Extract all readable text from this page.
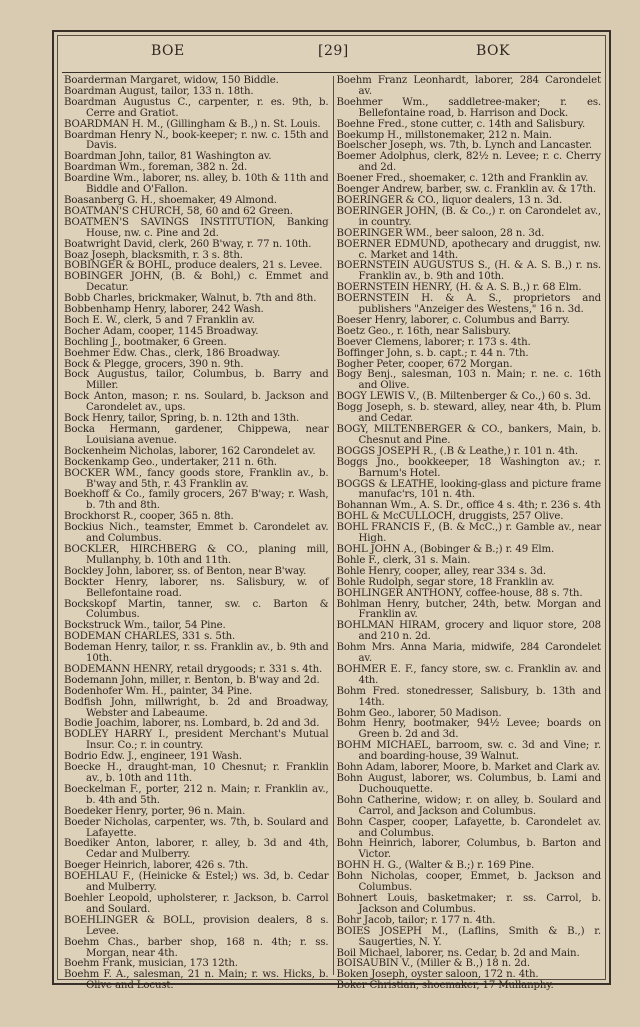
BOE	[29]	BOK
Boarderman Margaret, widow, 150 Biddle.
Boardman August, tailor, 133 n. 18th.
Boardman Augustus C., carpenter, r. es. 9th, b. Cerre and Gratiot.
BOARDMAN H. M., (Gillingham & B.,) n. St. Louis.
Boardman Henry N., book-keeper; r. nw. c. 15th and Davis.
Boardman John, tailor, 81 Washington av.
Boardman Wm., foreman, 382 n. 2d.
Boardine Wm., laborer, ns. alley, b. 10th & 11th and Biddle and O'Fallon.
Boasanberg G. H., shoemaker, 49 Almond.
BOATMAN'S CHURCH, 58, 60 and 62 Green.
BOATMEN'S SAVINGS INSTITUTION, Banking House, nw. c. Pine and 2d.
Boatwright David, clerk, 260 B'way, r. 77 n. 10th.
Boaz Joseph, blacksmith, r. 3 s. 8th.
BOBINGER & BOHL, produce dealers, 21 s. Levee.
BOBINGER JOHN, (B. & Bohl,) c. Emmet and Decatur.
Bobb Charles, brickmaker, Walnut, b. 7th and 8th.
Bobbenhamp Henry, laborer, 242 Wash.
Boch E. W., clerk, 5 and 7 Franklin av.
Bocher Adam, cooper, 1145 Broadway.
Bochling J., bootmaker, 6 Green.
Boehmer Edw. Chas., clerk, 186 Broadway.
Bock & Plegge, grocers, 390 n. 9th.
Bock Augustus, tailor, Columbus, b. Barry and Miller.
Bock Anton, mason; r. ns. Soulard, b. Jackson and Carondelet av., ups.
Bock Henry, tailor, Spring, b. n. 12th and 13th.
Bocka Hermann, gardener, Chippewa, near Louisiana avenue.
Bockenheim Nicholas, laborer, 162 Carondelet av.
Bockenkamp Geo., undertaker, 211 n. 6th.
BOCKER WM., fancy goods store, Franklin av., b. B'way and 5th, r. 43 Franklin av.
Boekhoff & Co., family grocers, 267 B'way; r. Wash, b. 7th and 8th.
Brockhorst R., cooper, 365 n. 8th.
Bockius Nich., teamster, Emmet b. Carondelet av. and Columbus.
BOCKLER, HIRCHBERG & CO., planing mill, Mullanphy, b. 10th and 11th.
Bockley John, laborer, ss. of Benton, near B'way.
Bockter Henry, laborer, ns. Salisbury, w. of Bellefontaine road.
Bockskopf Martin, tanner, sw. c. Barton & Columbus.
Bockstruck Wm., tailor, 54 Pine.
BODEMAN CHARLES, 331 s. 5th.
Bodeman Henry, tailor, r. ss. Franklin av., b. 9th and 10th.
BODEMANN HENRY, retail drygoods; r. 331 s. 4th.
Bodemann John, miller, r. Benton, b. B'way and 2d.
Bodenhofer Wm. H., painter, 34 Pine.
Bodfish John, millwright, b. 2d and Broadway, Webster and Labeaume.
Bodie Joachim, laborer, ns. Lombard, b. 2d and 3d.
BODLEY HARRY I., president Merchant's Mutual Insur. Co.; r. in country.
Bodrio Edw. J., engineer, 191 Wash.
Boecke H., draught-man, 10 Chesnut; r. Franklin av., b. 10th and 11th.
Boeckelman F., porter, 212 n. Main; r. Franklin av., b. 4th and 5th.
Boedeker Henry, porter, 96 n. Main.
Boeder Nicholas, carpenter, ws. 7th, b. Soulard and Lafayette.
Boediker Anton, laborer, r. alley, b. 3d and 4th, Cedar and Mulberry.
Boeger Heinrich, laborer, 426 s. 7th.
BOEHLAU F., (Heinicke & Estel;) ws. 3d, b. Cedar and Mulberry.
Boehler Leopold, upholsterer, r. Jackson, b. Carrol and Soulard.
BOEHLINGER & BOLL, provision dealers, 8 s. Levee.
Boehm Chas., barber shop, 168 n. 4th; r. ss. Morgan, near 4th.
Boehm Frank, musician, 173 12th.
Boehm F. A., salesman, 21 n. Main; r. ws. Hicks, b. Olive and Locust.
Boehm Franz Leonhardt, laborer, 284 Carondelet av.
Boehmer Wm., saddletree-maker; r. es. Bellefontaine road, b. Harrison and Dock.
Boehne Fred., stone cutter, c. 14th and Salisbury.
Boekump H., millstonemaker, 212 n. Main.
Boelscher Joseph, ws. 7th, b. Lynch and Lancaster.
Boemer Adolphus, clerk, 82½ n. Levee; r. c. Cherry and 2d.
Boener Fred., shoemaker, c. 12th and Franklin av.
Boenger Andrew, barber, sw. c. Franklin av. & 17th.
BOERINGER & CO., liquor dealers, 13 n. 3d.
BOERINGER JOHN, (B. & Co.,) r. on Carondelet av., in country.
BOERINGER WM., beer saloon, 28 n. 3d.
BOERNER EDMUND, apothecary and druggist, nw. c. Market and 14th.
BOERNSTEIN AUGUSTUS S., (H. & A. S. B.,) r. ns. Franklin av., b. 9th and 10th.
BOERNSTEIN HENRY, (H. & A. S. B.,) r. 68 Elm.
BOERNSTEIN H. & A. S., proprietors and publishers "Anzeiger des Westens," 16 n. 3d.
Boeser Henry, laborer, c. Columbus and Barry.
Boetz Geo., r. 16th, near Salisbury.
Boever Clemens, laborer; r. 173 s. 4th.
Boffinger John, s. b. capt.; r. 44 n. 7th.
Bogher Peter, cooper, 672 Morgan.
Bogy Benj., salesman, 103 n. Main; r. ne. c. 16th and Olive.
BOGY LEWIS V., (B. Miltenberger & Co.,) 60 s. 3d.
Bogg Joseph, s. b. steward, alley, near 4th, b. Plum and Cedar.
BOGY, MILTENBERGER & CO., bankers, Main, b. Chesnut and Pine.
BOGGS JOSEPH R., (.B & Leathe,) r. 101 n. 4th.
Boggs Jno., bookkeeper, 18 Washington av.; r. Barnum's Hotel.
BOGGS & LEATHE, looking-glass and picture frame manufac'rs, 101 n. 4th.
Bohannan Wm., A. S. Dr., office 4 s. 4th; r. 236 s. 4th
BOHL & McCULLOCH, druggists, 257 Olive.
BOHL FRANCIS F., (B. & McC.,) r. Gamble av., near High.
BOHL JOHN A., (Bobinger & B.;) r. 49 Elm.
Bohle F., clerk, 31 s. Main.
Bohle Henry, cooper, alley, rear 334 s. 3d.
Bohle Rudolph, segar store, 18 Franklin av.
BOHLINGER ANTHONY, coffee-house, 88 s. 7th.
Bohlman Henry, butcher, 24th, betw. Morgan and Franklin av.
BOHLMAN HIRAM, grocery and liquor store, 208 and 210 n. 2d.
Bohm Mrs. Anna Maria, midwife, 284 Carondelet av.
BOHMER E. F., fancy store, sw. c. Franklin av. and 4th.
Bohm Fred. stonedresser, Salisbury, b. 13th and 14th.
Bohm Geo., laborer, 50 Madison.
Bohm Henry, bootmaker, 94½ Levee; boards on Green b. 2d and 3d.
BOHM MICHAEL, barroom, sw. c. 3d and Vine; r. and boarding-house, 39 Walnut.
Bohn Adam, laborer, Moore, b. Market and Clark av.
Bohn August, laborer, ws. Columbus, b. Lami and Duchouquette.
Bohn Catherine, widow; r. on alley, b. Soulard and Carrol, and Jackson and Columbus.
Bohn Casper, cooper, Lafayette, b. Carondelet av. and Columbus.
Bohn Heinrich, laborer, Columbus, b. Barton and Victor.
BOHN H. G., (Walter & B.;) r. 169 Pine.
Bohn Nicholas, cooper, Emmet, b. Jackson and Columbus.
Bohnert Louis, basketmaker; r. ss. Carrol, b. Jackson and Columbus.
Bohr Jacob, tailor; r. 177 n. 4th.
BOIES JOSEPH M., (Laflins, Smith & B.,) r. Saugerties, N. Y.
Boil Michael, laborer, ns. Cedar, b. 2d and Main.
BOISAUBIN V., (Miller & B.,) 18 n. 2d.
Boken Joseph, oyster saloon, 172 n. 4th.
Boker Christian, shoemaker, 17 Mullanphy.
